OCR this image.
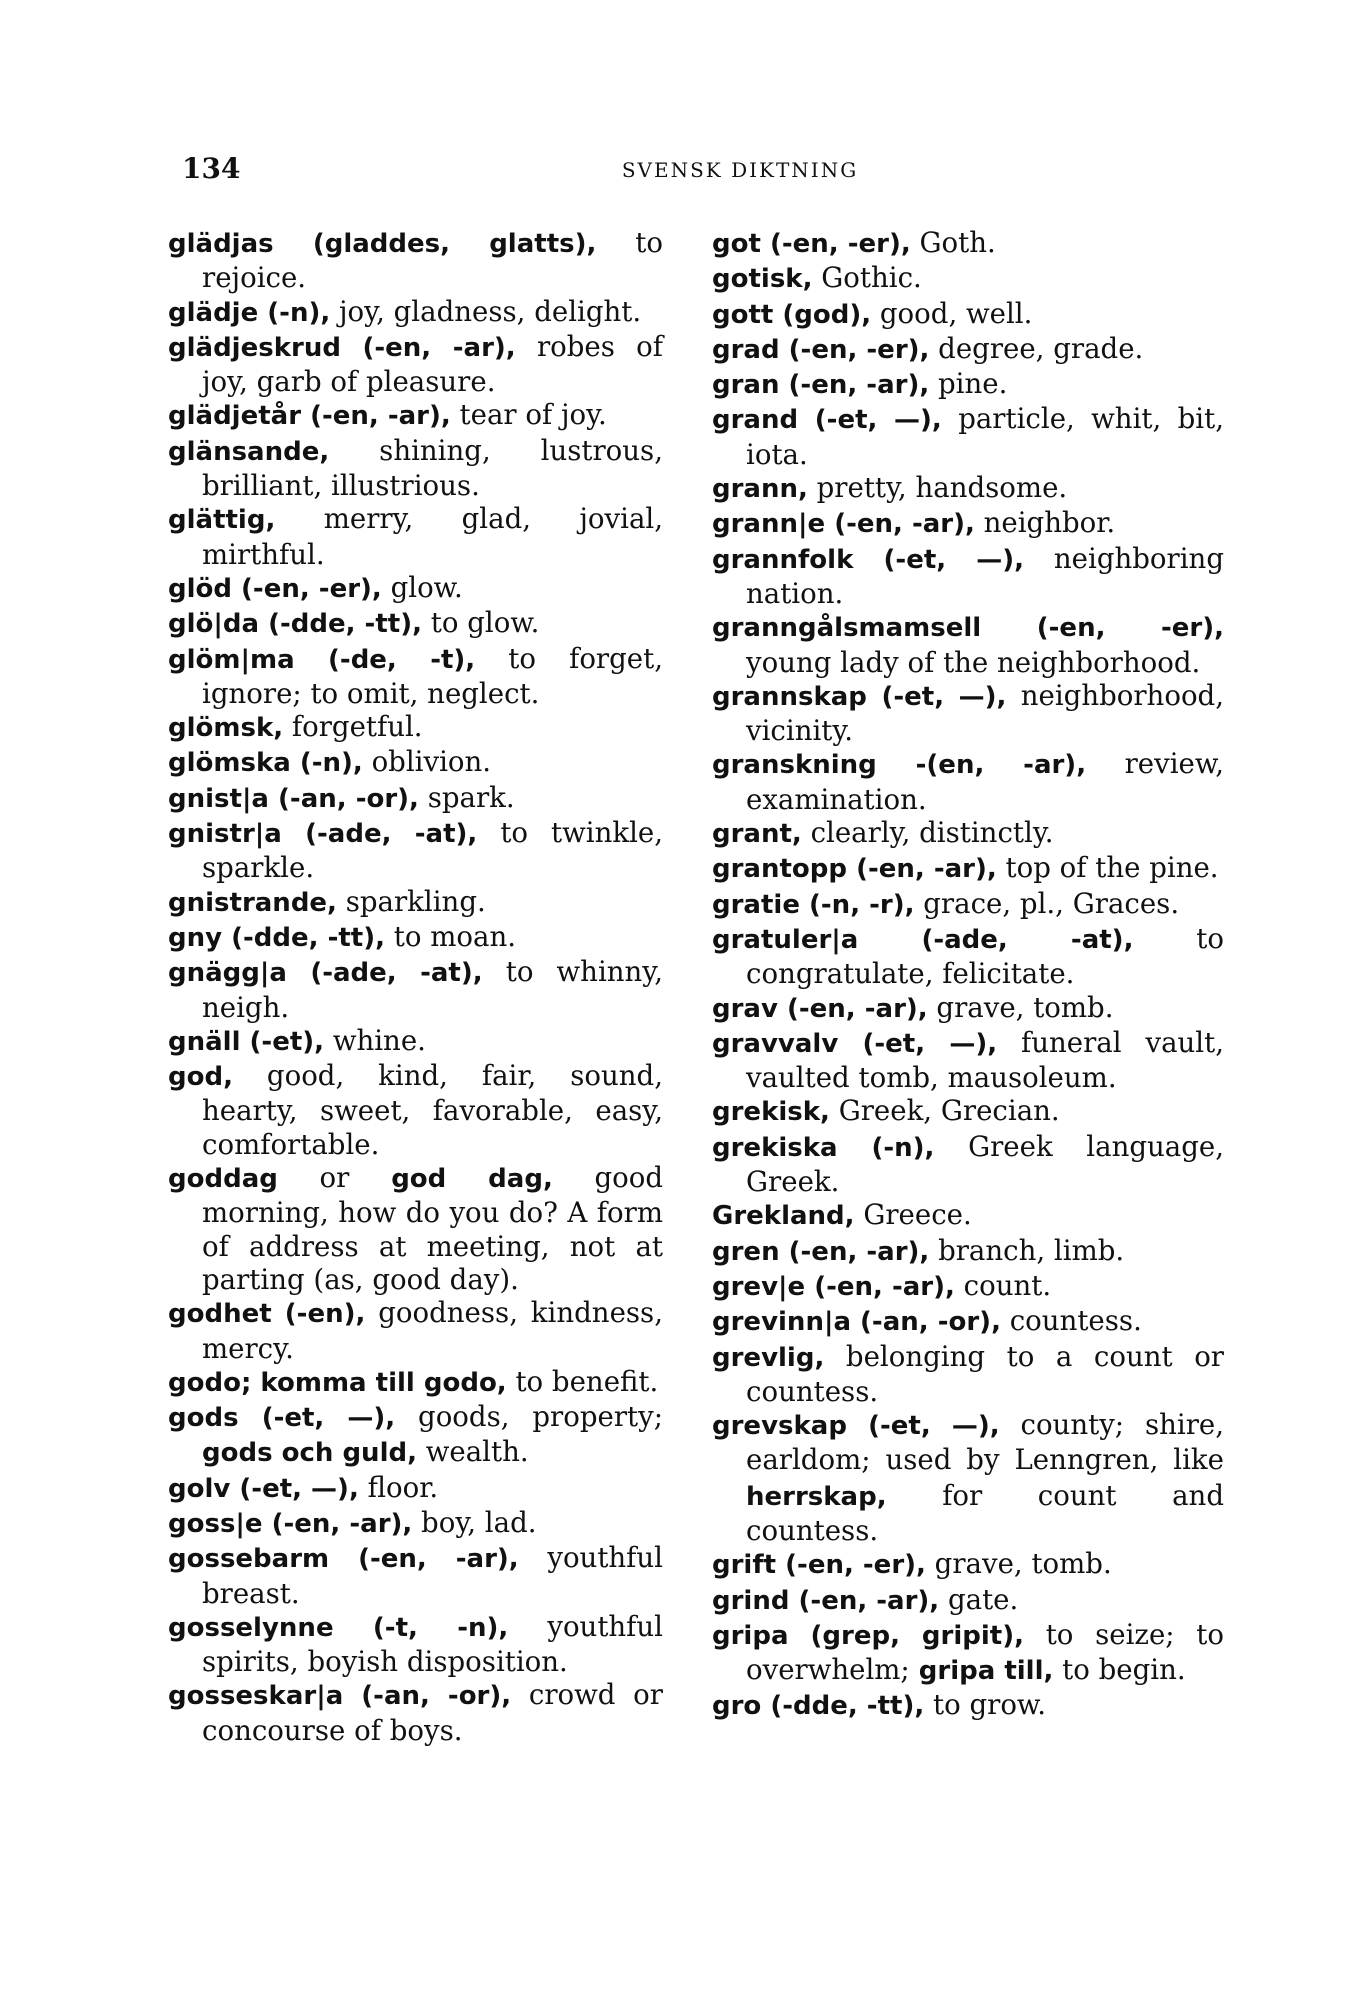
134	SVENSK DIKTNING

glädjas (gladdes, glatts), to rejoice.

glädje (-n), joy, gladness, delight.

glädjeskrud (-en, -ar), robes of joy, garb of pleasure.

glädjetår (-en, -ar), tear of joy.

glänsande, shining, lustrous, brilliant, illustrious.

glättig, merry, glad, jovial, mirthful.

glöd (-en, -er), glow.

glö|da (-dde, -tt), to glow.

glöm|ma (-de, -t), to forget, ignore; to omit, neglect.

glömsk, forgetful.

glömska (-n), oblivion.

gnist|a (-an, -or), spark.

gnistr|a (-ade, -at), to twinkle, sparkle.

gnistrande, sparkling.

gny (-dde, -tt), to moan.

gnägg|a (-ade, -at), to whinny, neigh.

gnäll (-et), whine.

god, good, kind, fair, sound, hearty, sweet, favorable, easy, comfortable.

goddag or god dag, good morning, how do you do? A form of address at meeting, not at parting (as, good day).

godhet (-en), goodness, kindness, mercy.

godo; komma till godo, to benefit.

gods (-et, —), goods, property; gods och guld, wealth.

golv (-et, —), floor.

goss|e (-en, -ar), boy, lad.

gossebarm (-en, -ar), youthful breast.

gosselynne (-t, -n), youthful spirits, boyish disposition.

gosseskar|a (-an, -or), crowd or concourse of boys.

got (-en, -er), Goth.

gotisk, Gothic.

gott (god), good, well.

grad (-en, -er), degree, grade.

gran (-en, -ar), pine.

grand (-et, —), particle, whit, bit, iota.

grann, pretty, handsome.

grann|e (-en, -ar), neighbor.

grannfolk (-et, —), neighboring nation.

granngålsmamsell (-en, -er), young lady of the neighborhood.

grannskap (-et, —), neighborhood, vicinity.

granskning -(en, -ar), review, examination.

grant, clearly, distinctly.

grantopp (-en, -ar), top of the pine.

gratie (-n, -r), grace, pl., Graces.

gratuler|a (-ade, -at), to congratulate, felicitate.

grav (-en, -ar), grave, tomb.

gravvalv (-et, —), funeral vault, vaulted tomb, mausoleum.

grekisk, Greek, Grecian.

grekiska (-n), Greek language, Greek.

Grekland, Greece.

gren (-en, -ar), branch, limb.

grev|e (-en, -ar), count.

grevinn|a (-an, -or), countess.

grevlig, belonging to a count or countess.

grevskap (-et, —), county; shire, earldom; used by Lenngren, like herrskap, for count and countess.

grift (-en, -er), grave, tomb.

grind (-en, -ar), gate.

gripa (grep, gripit), to seize; to overwhelm; gripa till, to begin.

gro (-dde, -tt), to grow.
